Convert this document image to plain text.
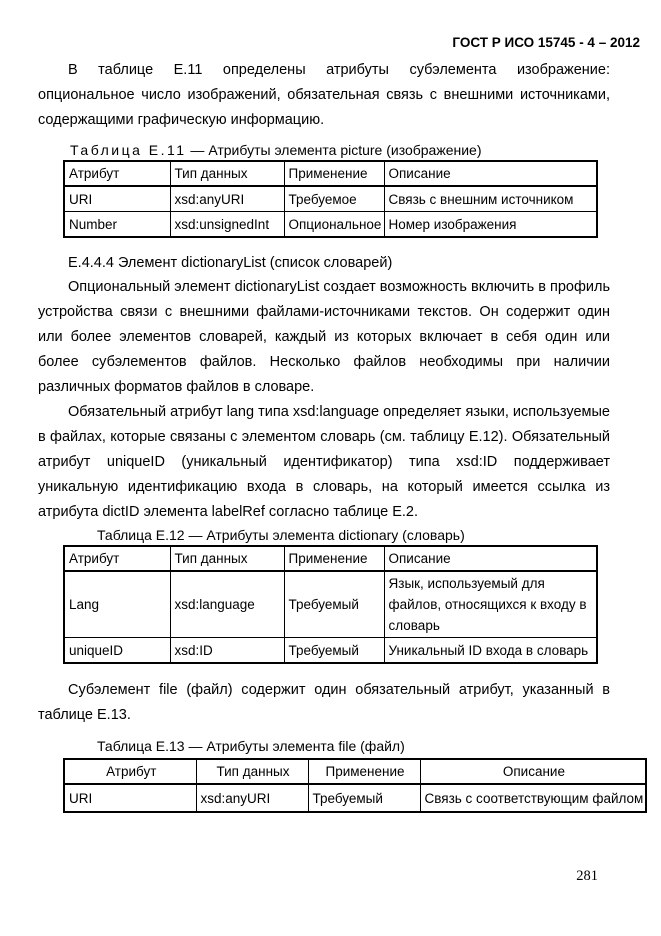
ГОСТ Р ИСО 15745 - 4 – 2012

В таблице Е.11 определены атрибуты субэлемента изображение: опциональное число изображений, обязательная связь с внешними источниками, содержащими графическую информацию.

Таблица Е.11 — Атрибуты элемента picture (изображение)
Атрибут	Тип данных	Применение	Описание
URI	xsd:anyURI	Требуемое	Связь с внешним источником
Number	xsd:unsignedInt	Опциональное	Номер изображения

Е.4.4.4 Элемент dictionaryList (список словарей)

Опциональный элемент dictionaryList создает возможность включить в профиль устройства связи с внешними файлами-источниками текстов. Он содержит один или более элементов словарей, каждый из которых включает в себя один или более субэлементов файлов. Несколько файлов необходимы при наличии различных форматов файлов в словаре.

Обязательный атрибут lang типа xsd:language определяет языки, используемые в файлах, которые связаны с элементом словарь (см. таблицу Е.12). Обязательный атрибут uniqueID (уникальный идентификатор) типа xsd:ID поддерживает уникальную идентификацию входа в словарь, на который имеется ссылка из атрибута dictID элемента labelRef согласно таблице Е.2.

Таблица Е.12 — Атрибуты элемента dictionary (словарь)
Атрибут	Тип данных	Применение	Описание
Lang	xsd:language	Требуемый	Язык, используемый для файлов, относящихся к входу в словарь
uniqueID	xsd:ID	Требуемый	Уникальный ID входа в словарь

Субэлемент file (файл) содержит один обязательный атрибут, указанный в таблице Е.13.

Таблица Е.13 — Атрибуты элемента file (файл)
Атрибут	Тип данных	Применение	Описание
URI	xsd:anyURI	Требуемый	Связь с соответствующим файлом
281
